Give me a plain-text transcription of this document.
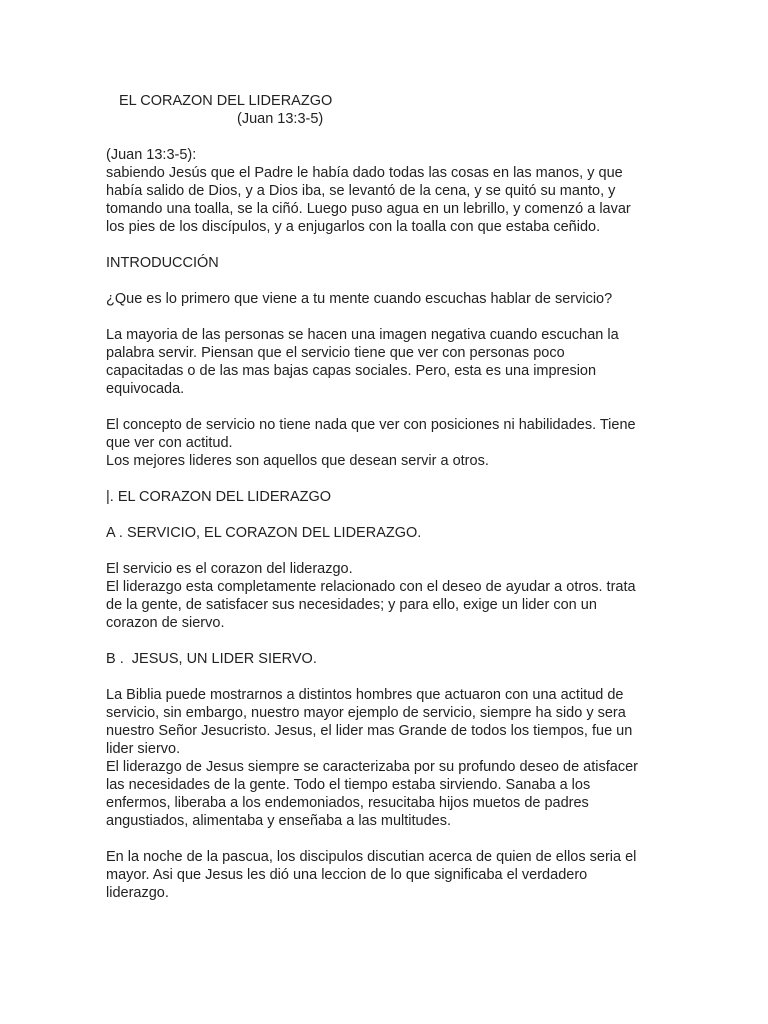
EL CORAZON DEL LIDERAZGO
(Juan 13:3-5)
(Juan 13:3-5):
sabiendo Jesús que el Padre le había dado todas las cosas en las manos, y que
había salido de Dios, y a Dios iba, se levantó de la cena, y se quitó su manto, y
tomando una toalla, se la ciñó. Luego puso agua en un lebrillo, y comenzó a lavar
los pies de los discípulos, y a enjugarlos con la toalla con que estaba ceñido.
INTRODUCCIÓN
¿Que es lo primero que viene a tu mente cuando escuchas hablar de servicio?
La mayoria de las personas se hacen una imagen negativa cuando escuchan la
palabra servir. Piensan que el servicio tiene que ver con personas poco
capacitadas o de las mas bajas capas sociales. Pero, esta es una impresion
equivocada.
El concepto de servicio no tiene nada que ver con posiciones ni habilidades. Tiene
que ver con actitud.
Los mejores lideres son aquellos que desean servir a otros.
|. EL CORAZON DEL LIDERAZGO
A . SERVICIO, EL CORAZON DEL LIDERAZGO.
El servicio es el corazon del liderazgo.
El liderazgo esta completamente relacionado con el deseo de ayudar a otros. trata
de la gente, de satisfacer sus necesidades; y para ello, exige un lider con un
corazon de siervo.
B .  JESUS, UN LIDER SIERVO.
La Biblia puede mostrarnos a distintos hombres que actuaron con una actitud de
servicio, sin embargo, nuestro mayor ejemplo de servicio, siempre ha sido y sera
nuestro Señor Jesucristo. Jesus, el lider mas Grande de todos los tiempos, fue un
lider siervo.
El liderazgo de Jesus siempre se caracterizaba por su profundo deseo de atisfacer
las necesidades de la gente. Todo el tiempo estaba sirviendo. Sanaba a los
enfermos, liberaba a los endemoniados, resucitaba hijos muetos de padres
angustiados, alimentaba y enseñaba a las multitudes.
En la noche de la pascua, los discipulos discutian acerca de quien de ellos seria el
mayor. Asi que Jesus les dió una leccion de lo que significaba el verdadero
liderazgo.
